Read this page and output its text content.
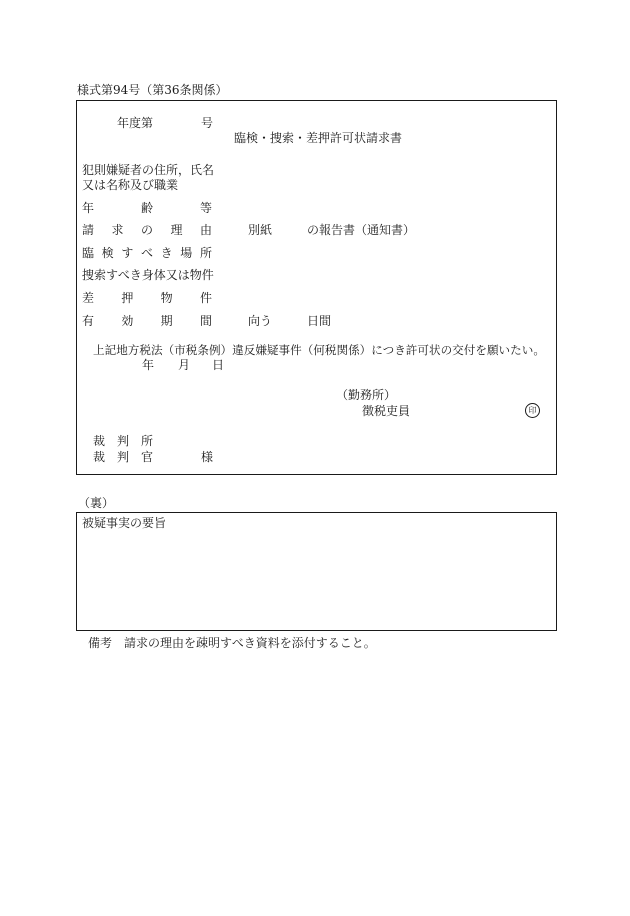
様式第94号（第36条関係）
年度第	号
臨検・捜索・差押許可状請求書
犯則嫌疑者の住所，氏名
又は名称及び職業
年	齢	等
請 求 の 理 由	別紙	の報告書（通知書）
臨 検 す べ き 場 所
捜索すべき身体又は物件
差 押 物 件
有 効 期 間	向う	日間
上記地方税法（市税条例）違反嫌疑事件（何税関係）につき許可状の交付を願いたい。
年 月 日
（勤務所）
徴税吏員	印
裁 判 所
裁 判 官	様
（裏）
被疑事実の要旨
備考 請求の理由を疎明すべき資料を添付すること。
